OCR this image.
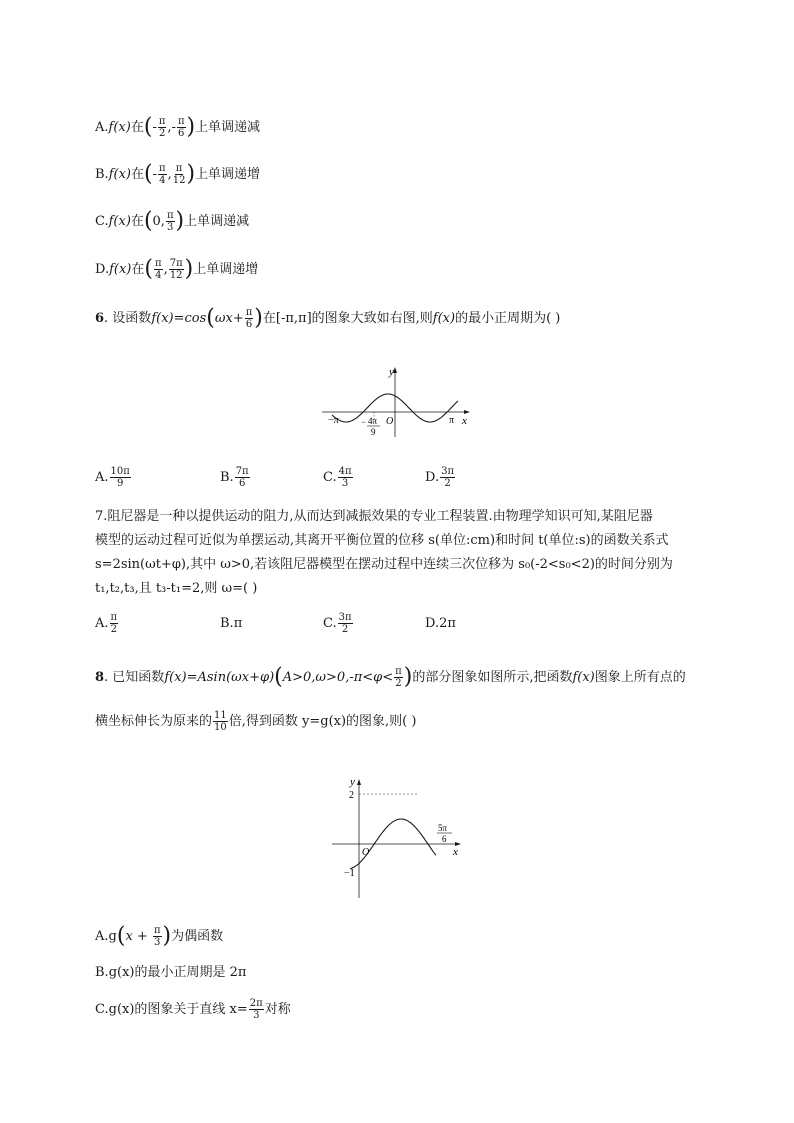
A.f(x)在(- $\frac{\pi}{2}$ ,- $\frac{\pi}{6}$ )上单调递减
B.f(x)在(- $\frac{\pi}{4}$ , $\frac{\pi}{12}$ )上单调递增
C.f(x)在(0, $\frac{\pi}{3}$ )上单调递减
D.f(x)在( $\frac{\pi}{4}$ , $\frac{7\pi}{12}$ )上单调递增
6. 设函数$f(x)=\cos(\omega x+ \frac{\pi}{6}$ )在[-π,π]的图象大致如右图,则f(x)的最小正周期为( )
y
x
O
−π	π
− 4π
9
A. $\frac{10\pi}{9}$	B. $\frac{7\pi}{6}$	C. $\frac{4\pi}{3}$	D. $\frac{3\pi}{2}$
7.阻尼器是一种以提供运动的阻力,从而达到减振效果的专业工程装置.由物理学知识可知,某阻尼器
模型的运动过程可近似为单摆运动,其离开平衡位置的位移 s(单位:cm)和时间 t(单位:s)的函数关系式
s=2sin(ωt+φ),其中 ω>0,若该阻尼器模型在摆动过程中连续三次位移为 s₀(-2<s₀<2)的时间分别为
t₁,t₂,t₃,且 t₃-t₁=2,则 ω=( )
A. $\frac{\pi}{2}$	B.π	C. $\frac{3\pi}{2}$	D.2π
8. 已知函数$f(x)=Asin(\omega x+\varphi)(A>0,\omega>0,-\pi<\varphi< \frac{\pi}{2}$ )的部分图象如图所示,把函数f(x)图象上所有点的
横坐标伸长为原来的 $\frac{11}{10}$ 倍,得到函数 y=g(x)的图象,则( )
y
x
O
2
−1
5π
6
$A.g(x + \frac{\pi}{3}$ )为偶函数
B.g(x)的最小正周期是 2π
C.g(x)的图象关于直线 $x= \frac{2\pi}{3}$ 对称
